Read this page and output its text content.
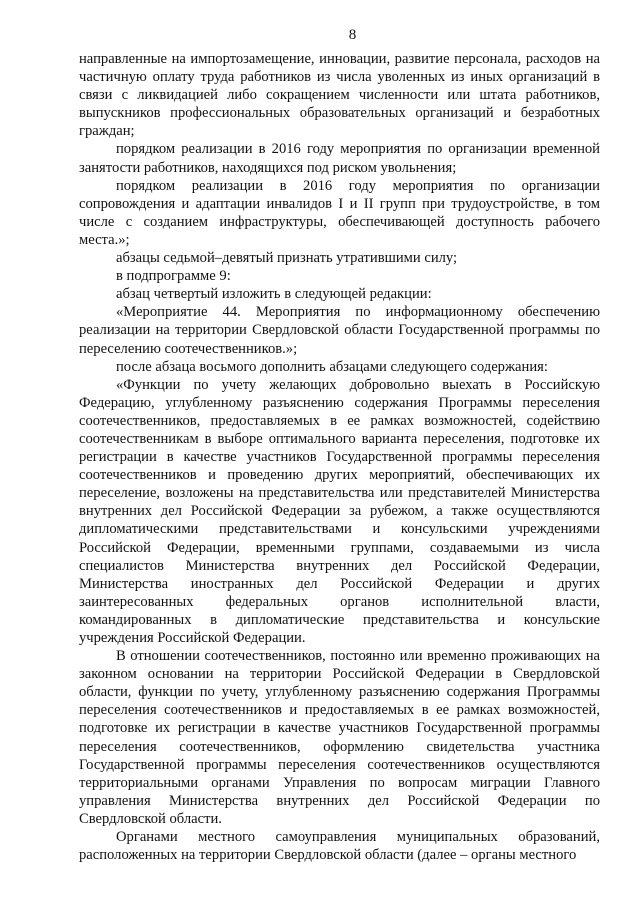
8

направленные на импортозамещение, инновации, развитие персонала, расходов на частичную оплату труда работников из числа уволенных из иных организаций в связи с ликвидацией либо сокращением численности или штата работников, выпускников профессиональных образовательных организаций и безработных граждан;

порядком реализации в 2016 году мероприятия по организации временной занятости работников, находящихся под риском увольнения;

порядком реализации в 2016 году мероприятия по организации сопровождения и адаптации инвалидов I и II групп при трудоустройстве, в том числе с созданием инфраструктуры, обеспечивающей доступность рабочего места.»;

абзацы седьмой–девятый признать утратившими силу;

в подпрограмме 9:

абзац четвертый изложить в следующей редакции:

«Мероприятие 44. Мероприятия по информационному обеспечению реализации на территории Свердловской области Государственной программы по переселению соотечественников.»;

после абзаца восьмого дополнить абзацами следующего содержания:

«Функции по учету желающих добровольно выехать в Российскую Федерацию, углубленному разъяснению содержания Программы переселения соотечественников, предоставляемых в ее рамках возможностей, содействию соотечественникам в выборе оптимального варианта переселения, подготовке их регистрации в качестве участников Государственной программы переселения соотечественников и проведению других мероприятий, обеспечивающих их переселение, возложены на представительства или представителей Министерства внутренних дел Российской Федерации за рубежом, а также осуществляются дипломатическими представительствами и консульскими учреждениями Российской Федерации, временными группами, создаваемыми из числа специалистов Министерства внутренних дел Российской Федерации, Министерства иностранных дел Российской Федерации и других заинтересованных федеральных органов исполнительной власти, командированных в дипломатические представительства и консульские учреждения Российской Федерации.

В отношении соотечественников, постоянно или временно проживающих на законном основании на территории Российской Федерации в Свердловской области, функции по учету, углубленному разъяснению содержания Программы переселения соотечественников и предоставляемых в ее рамках возможностей, подготовке их регистрации в качестве участников Государственной программы переселения соотечественников, оформлению свидетельства участника Государственной программы переселения соотечественников осуществляются территориальными органами Управления по вопросам миграции Главного управления Министерства внутренних дел Российской Федерации по Свердловской области.

Органами местного самоуправления муниципальных образований, расположенных на территории Свердловской области (далее – органы местного
